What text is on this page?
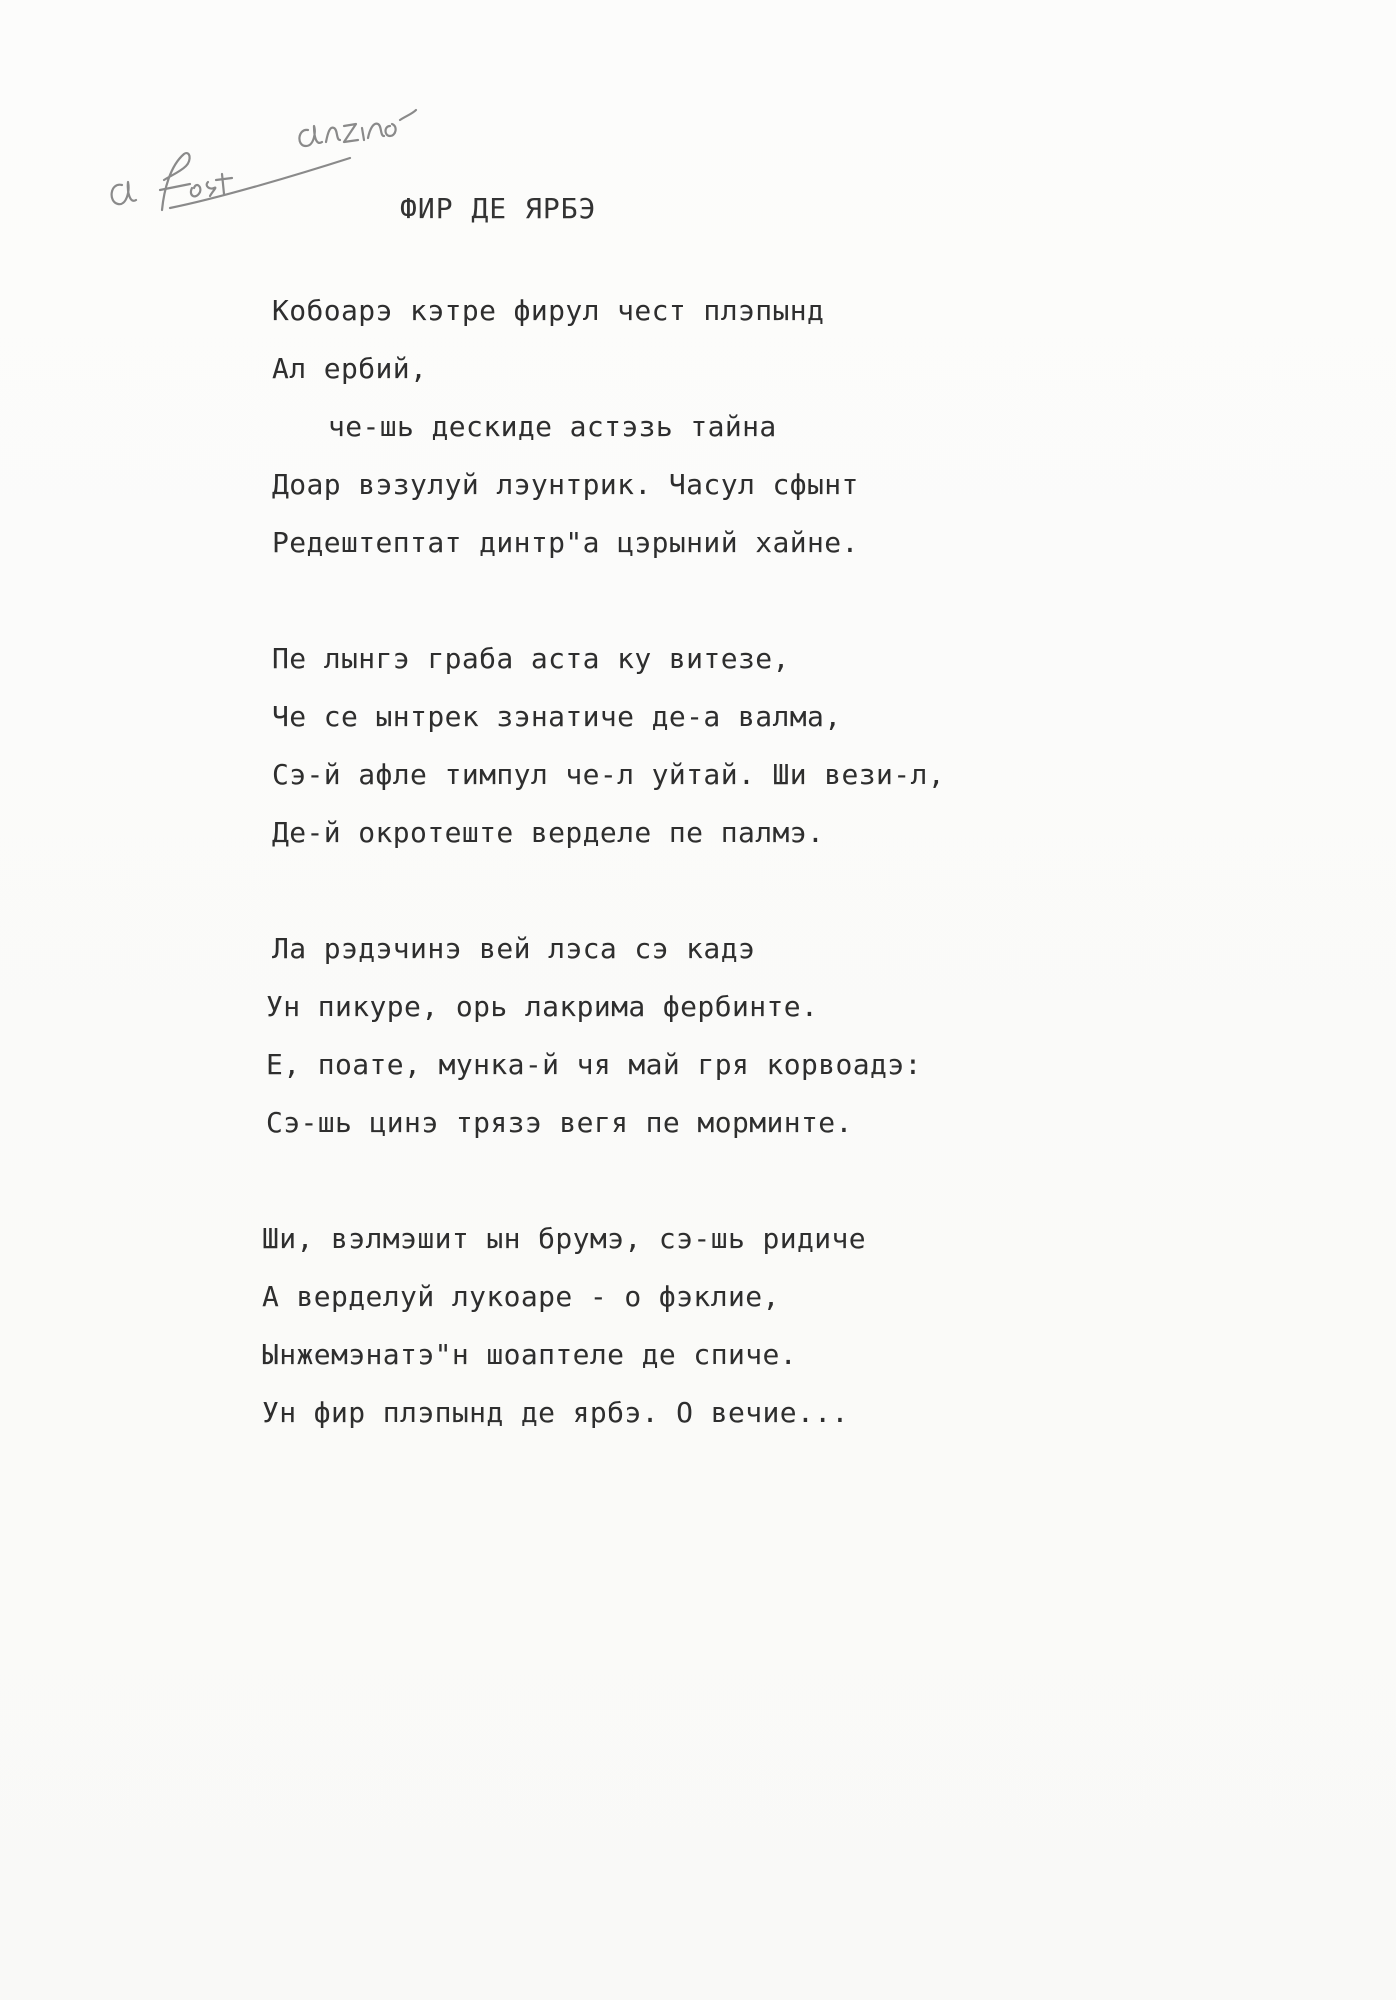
ФИР ДЕ ЯРБЭ
Кобоарэ кэтре фирул чест плэпынд
Ал ербий,
че-шь дескиде астэзь тайна
Доар вэзулуй лэунтрик. Часул сфынт
Редештептат динтр"а цэрыний хайне.
Пе лынгэ граба аста ку витезе,
Че се ынтрек зэнатиче де-а валма,
Сэ-й афле тимпул че-л уйтай. Ши вези-л,
Де-й окротеште верделе пе палмэ.
Ла рэдэчинэ вей лэса сэ кадэ
Ун пикуре, орь лакрима фербинте.
Е, поате, мунка-й чя май гря корвоадэ:
Сэ-шь цинэ трязэ вегя пе морминте.
Ши, вэлмэшит ын брумэ, сэ-шь ридиче
А верделуй лукоаре - о фэклие,
Ынжемэнатэ"н шоаптеле де спиче.
Ун фир плэпынд де ярбэ. О вечие...
